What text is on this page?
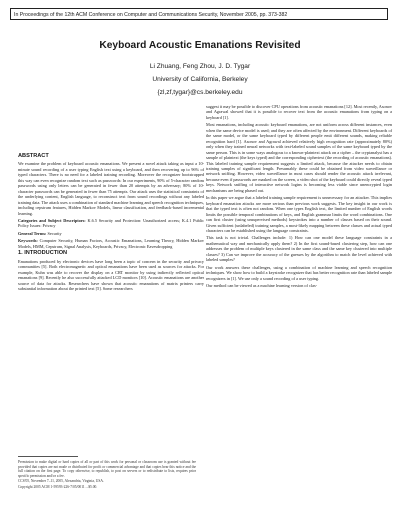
In Proceedings of the 12th ACM Conference on Computer and Communications Security, November 2005, pp. 373-382
Keyboard Acoustic Emanations Revisited
Li Zhuang, Feng Zhou, J. D. Tygar
University of California, Berkeley
{zl,zf,tygar}@cs.berkeley.edu
ABSTRACT

We examine the problem of keyboard acoustic emanations. We present a novel attack taking as input a 10-minute sound recording of a user typing English text using a keyboard, and then recovering up to 96% of typed characters. There is no need for a labeled training recording. Moreover the recognizer bootstrapped this way can even recognize random text such as passwords: In our experiments, 90% of 5-character random passwords using only letters can be generated in fewer than 20 attempts by an adversary; 80% of 10-character passwords can be generated in fewer than 75 attempts. Our attack uses the statistical constraints of the underlying content, English language, to reconstruct text from sound recordings without any labeled training data. The attack uses a combination of standard machine learning and speech recognition techniques, including cepstrum features, Hidden Markov Models, linear classification, and feedback-based incremental learning.

Categories and Subject Descriptors: K.6.5 Security and Protection: Unauthorized access; K.4.1 Public Policy Issues: Privacy

General Terms: Security

Keywords: Computer Security, Human Factors, Acoustic Emanations, Learning Theory, Hidden Markov Models, HMM, Cepstrum, Signal Analysis, Keyboards, Privacy, Electronic Eavesdropping

1. INTRODUCTION

Emanations produced by electronic devices have long been a topic of concern in the security and privacy communities [5]. Both electromagnetic and optical emanations have been used as sources for attacks. For example, Kuhn was able to recover the display on a CRT monitor by using indirectly reflected optical emanations [9]. Recently he also successfully attacked LCD monitors [10]. Acoustic emanations are another source of data for attacks. Researchers have shown that acoustic emanations of matrix printers carry substantial information about the printed text [5]. Some researchers

Permission to make digital or hard copies of all or part of this work for personal or classroom use is granted without fee provided that copies are not made or distributed for profit or commercial advantage and that copies bear this notice and the full citation on the first page. To copy otherwise, to republish, to post on servers or to redistribute to lists, requires prior specific permission and/or a fee.

CCS'05, November 7–11, 2005, Alexandria, Virginia, USA.

Copyright 2005 ACM 1-59593-226-7/05/0011 ...$5.00.

suggest it may be possible to discover CPU operations from acoustic emanations [12]. Most recently, Asonov and Agrawal showed that it is possible to recover text from the acoustic emanations from typing on a keyboard [1].

Most emanations, including acoustic keyboard emanations, are not uniform across different instances, even when the same device model is used; and they are often affected by the environment. Different keyboards of the same model, or the same keyboard typed by different people emit different sounds, making reliable recognition hard [1]. Asonov and Agrawal achieved relatively high recognition rate (approximately 80%) only when they trained neural networks with text-labeled sound samples of the same keyboard typed by the same person. This is in some ways analogous to a known-plaintext attack on a cipher – the cryptanalyst has a sample of plaintext (the keys typed) and the corresponding ciphertext (the recording of acoustic emanations). This labeled training sample requirement suggests a limited attack, because the attacker needs to obtain training samples of significant length. Presumably these could be obtained from video surveillance or network sniffing. However, video surveillance in most cases should render the acoustic attack irrelevant, because even if passwords are masked on the screen, a video shot of the keyboard could directly reveal typed keys. Network sniffing of interactive network logins is becoming less viable since unencrypted login mechanisms are being phased out.

In this paper we argue that a labeled training sample requirement is unnecessary for an attacker. This implies keyboard emanation attacks are more serious than previous work suggests. The key insight in our work is that the typed text is often not random. When one types English text, the limited number of English words limits the possible temporal combinations of keys, and English grammar limits the word combinations. One can first cluster (using unsupervised methods) keystrokes into a number of classes based on their sound. Given sufficient (unlabeled) training samples, a most-likely mapping between these classes and actual typed characters can be established using the language constraints.

This task is not trivial. Challenges include: 1) How can one model these language constraints in a mathematical way and mechanically apply them? 2) In the first sound-based clustering step, how can one addresses the problem of multiple keys clustered in the same class and the same key clustered into multiple classes? 3) Can we improve the accuracy of the guesses by the algorithm to match the level achieved with labeled samples?

Our work answers these challenges, using a combination of machine learning and speech recognition techniques. We show how to build a keystroke recognizer that has better recognition rate than labeled sample recognizers in [1]. We use only a sound recording of a user typing.

Our method can be viewed as a machine learning version of clas-
